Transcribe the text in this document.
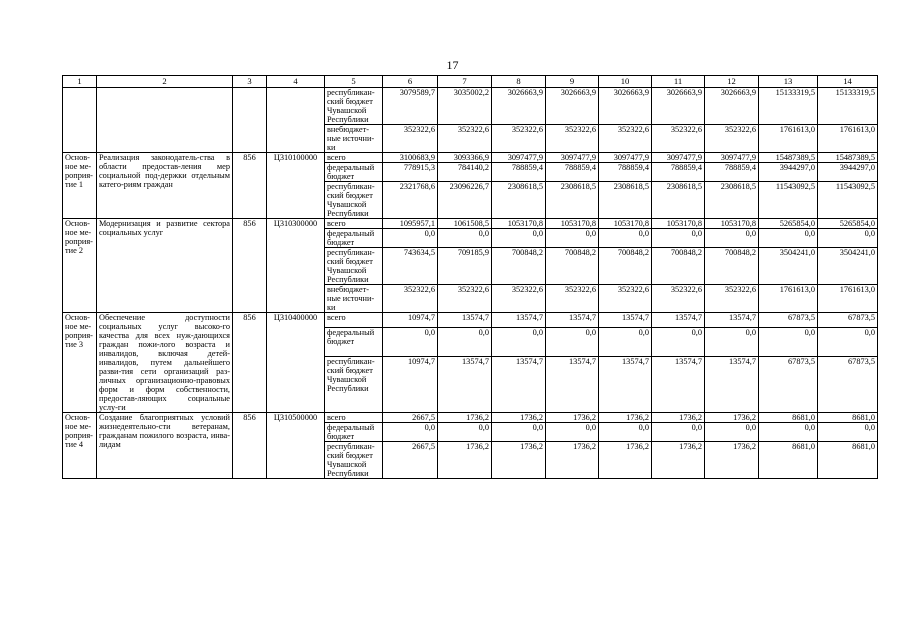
17
1	2	3	4	5	6	7	8	9	10	11	12	13	14
				республикан-ский бюджет Чувашской Республики	3079589,7	3035002,2	3026663,9	3026663,9	3026663,9	3026663,9	3026663,9	15133319,5	15133319,5
				внебюджет-ные источни-ки	352322,6	352322,6	352322,6	352322,6	352322,6	352322,6	352322,6	1761613,0	1761613,0
Основ-ное ме-роприя-тие 1	Реализация законодатель-ства в области предостав-ления мер социальной под-держки отдельным катего-риям граждан	856	Ц310100000	всего	3100683,9	3093366,9	3097477,9	3097477,9	3097477,9	3097477,9	3097477,9	15487389,5	15487389,5
				федеральный бюджет	778915,3	784140,2	788859,4	788859,4	788859,4	788859,4	788859,4	3944297,0	3944297,0
				республикан-ский бюджет Чувашской Республики	2321768,6	23096226,7	2308618,5	2308618,5	2308618,5	2308618,5	2308618,5	11543092,5	11543092,5
Основ-ное ме-роприя-тие 2	Модернизация и развитие сектора социальных услуг	856	Ц310300000	всего	1095957,1	1061508,5	1053170,8	1053170,8	1053170,8	1053170,8	1053170,8	5265854,0	5265854,0
				федеральный бюджет	0,0	0,0	0,0	0,0	0,0	0,0	0,0	0,0	0,0
				республикан-ский бюджет Чувашской Республики	743634,5	709185,9	700848,2	700848,2	700848,2	700848,2	700848,2	3504241,0	3504241,0
				внебюджет-ные источни-ки	352322,6	352322,6	352322,6	352322,6	352322,6	352322,6	352322,6	1761613,0	1761613,0
Основ-ное ме-роприя-тие 3	Обеспечение доступности социальных услуг высоко-го качества для всех нуж-дающихся граждан пожи-лого возраста и инвалидов, включая детей-инвалидов, путем дальнейшего разви-тия сети организаций раз-личных организационно-правовых форм и форм собственности, предостав-ляющих социальные услу-ги	856	Ц310400000	всего	10974,7	13574,7	13574,7	13574,7	13574,7	13574,7	13574,7	67873,5	67873,5
				федеральный бюджет	0,0	0,0	0,0	0,0	0,0	0,0	0,0	0,0	0,0
				республикан-ский бюджет Чувашской Республики	10974,7	13574,7	13574,7	13574,7	13574,7	13574,7	13574,7	67873,5	67873,5
Основ-ное ме-роприя-тие 4	Создание благоприятных условий жизнедеятельно-сти ветеранам, гражданам пожилого возраста, инва-лидам	856	Ц310500000	всего	2667,5	1736,2	1736,2	1736,2	1736,2	1736,2	1736,2	8681,0	8681,0
				федеральный бюджет	0,0	0,0	0,0	0,0	0,0	0,0	0,0	0,0	0,0
				республикан-ский бюджет Чувашской Республики	2667,5	1736,2	1736,2	1736,2	1736,2	1736,2	1736,2	8681,0	8681,0
